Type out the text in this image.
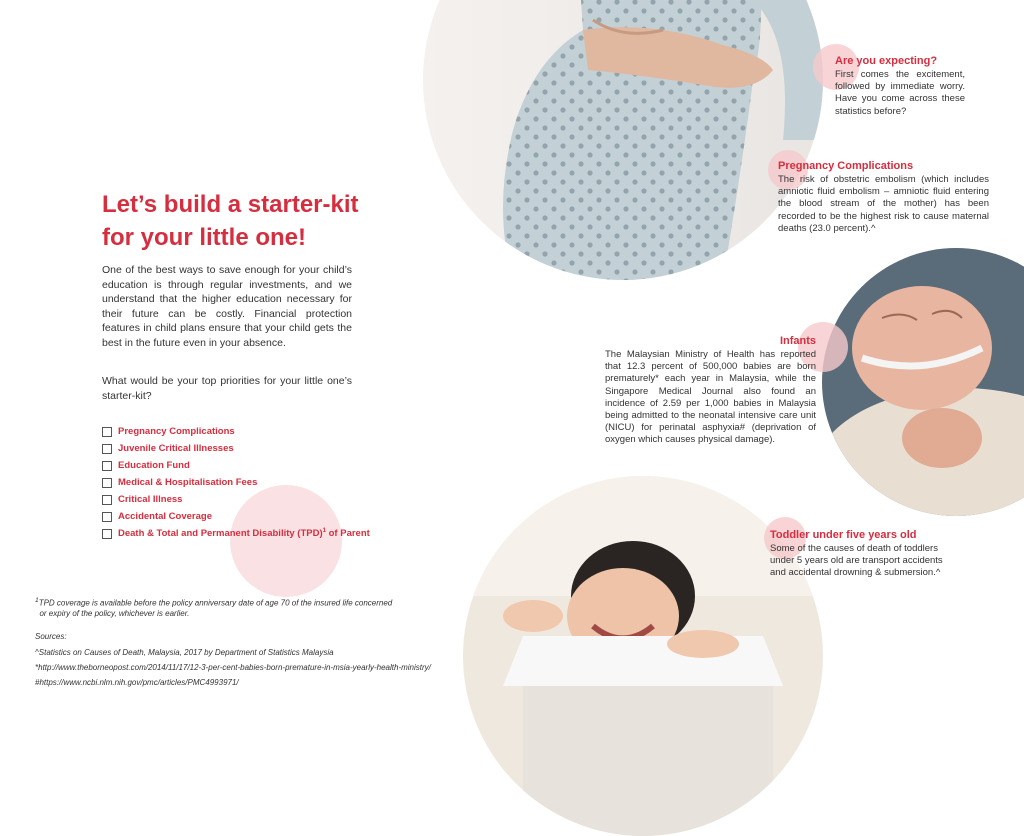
Let’s build a starter-kit
for your little one!

One of the best ways to save enough for your child’s education is through regular investments, and we understand that the higher education necessary for their future can be costly. Financial protection features in child plans ensure that your child gets the best in the future even in your absence.

What would be your top priorities for your little one’s starter-kit?

Pregnancy Complications
Juvenile Critical Illnesses
Education Fund
Medical & Hospitalisation Fees
Critical Illness
Accidental Coverage
Death & Total and Permanent Disability (TPD)$^1$ of Parent
Are you expecting?

First comes the excitement, followed by immediate worry. Have you come across these statistics before?

Pregnancy Complications

The risk of obstetric embolism (which includes amniotic fluid embolism – amniotic fluid entering the blood stream of the mother) has been recorded to be the highest risk to cause maternal deaths (23.0 percent).^

Infants

The Malaysian Ministry of Health has reported that 12.3 percent of 500,000 babies are born prematurely* each year in Malaysia, while the Singapore Medical Journal also found an incidence of 2.59 per 1,000 babies in Malaysia being admitted to the neonatal intensive care unit (NICU) for perinatal asphyxia# (deprivation of oxygen which causes physical damage).

Toddler under five years old

Some of the causes of death of toddlers under 5 years old are transport accidents and accidental drowning & submersion.^

$^1$TPD coverage is available before the policy anniversary date of age 70 of the insured life concerned
or expiry of the policy, whichever is earlier.

Sources:

^Statistics on Causes of Death, Malaysia, 2017 by Department of Statistics Malaysia

*http://www.theborneopost.com/2014/11/17/12-3-per-cent-babies-born-premature-in-msia-yearly-health-ministry/

#https://www.ncbi.nlm.nih.gov/pmc/articles/PMC4993971/
